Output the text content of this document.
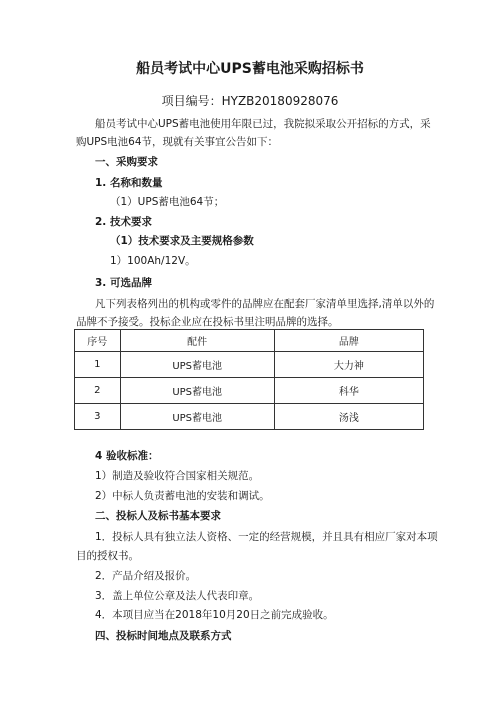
船员考试中心UPS蓄电池采购招标书
项目编号：HYZB20180928076
船员考试中心UPS蓄电池使用年限已过，我院拟采取公开招标的方式，采
购UPS电池64节，现就有关事宜公告如下：
一、采购要求
1. 名称和数量
（1）UPS蓄电池64节；
2. 技术要求
（1）技术要求及主要规格参数
1）100Ah/12V。
3. 可选品牌
凡下列表格列出的机构或零件的品牌应在配套厂家清单里选择,清单以外的
品牌不予接受。投标企业应在投标书里注明品牌的选择。
序号	配件	品牌
1	UPS蓄电池	大力神
2	UPS蓄电池	科华
3	UPS蓄电池	汤浅
4 验收标准：
1）制造及验收符合国家相关规范。
2）中标人负责蓄电池的安装和调试。
二、投标人及标书基本要求
1．投标人具有独立法人资格、一定的经营规模，并且具有相应厂家对本项
目的授权书。
2．产品介绍及报价。
3．盖上单位公章及法人代表印章。
4．本项目应当在2018年10月20日之前完成验收。
四、投标时间地点及联系方式
